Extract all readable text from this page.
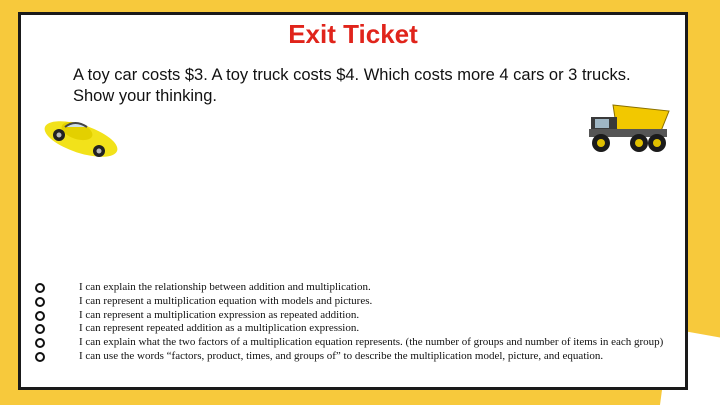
Exit Ticket
A toy car costs $3. A toy truck costs $4. Which costs more 4 cars or 3 trucks. Show your thinking.
I can explain the relationship between addition and multiplication.
I can represent a multiplication equation with models and pictures.
I can represent a multiplication expression as repeated addition.
I can represent repeated addition as a multiplication expression.
I can explain what the two factors of a multiplication equation represents. (the number of groups and number of items in each group)
I can use the words “factors, product, times, and groups of” to describe the multiplication model, picture, and equation.
